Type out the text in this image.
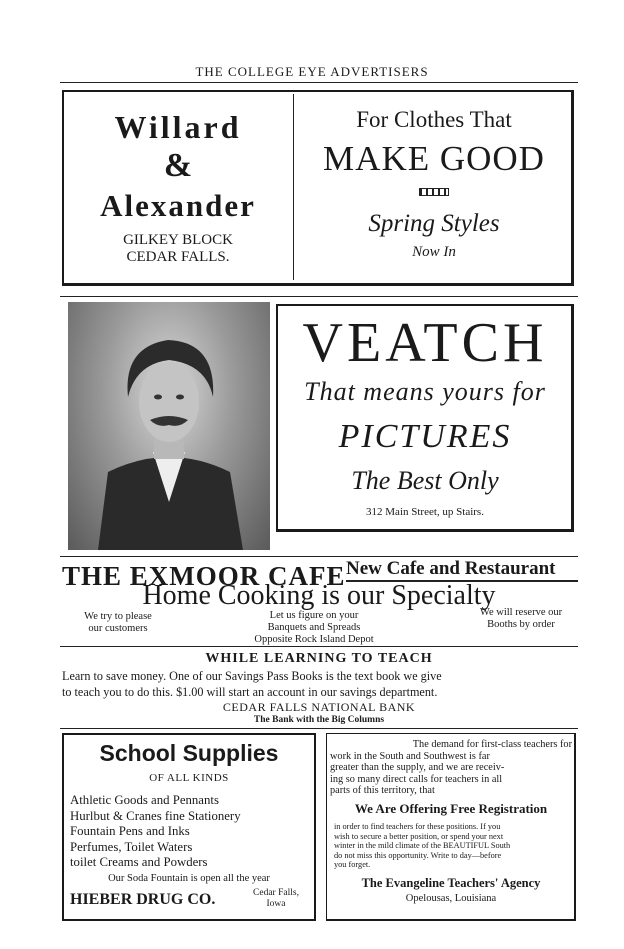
THE COLLEGE EYE ADVERTISERS
Willard
&
Alexander
GILKEY BLOCK
CEDAR FALLS.
For Clothes That
MAKE GOOD
Spring Styles
Now In
VEATCH
That means yours for
PICTURES
The Best Only
312 Main Street, up Stairs.
THE EXMOOR CAFE New Cafe and Restaurant
Home Cooking is our Specialty
We try to please
our customers
Let us figure on your
Banquets and Spreads
Opposite Rock Island Depot
We will reserve our
Booths by order
WHILE LEARNING TO TEACH
Learn to save money. One of our Savings Pass Books is the text book we give
to teach you to do this. $1.00 will start an account in our savings department.
CEDAR FALLS NATIONAL BANK
The Bank with the Big Columns
School Supplies
OF ALL KINDS
Athletic Goods and Pennants
Hurlbut & Cranes fine Stationery
Fountain Pens and Inks
Perfumes, Toilet Waters
toilet Creams and Powders
Our Soda Fountain is open all the year
HIEBER DRUG CO.	Cedar Falls,
Iowa
The demand for first-class teachers for
work in the South and Southwest is far
greater than the supply, and we are receiv-
ing so many direct calls for teachers in all
parts of this territory, that
We Are Offering Free Registration
in order to find teachers for these positions. If you
wish to secure a better position, or spend your next
winter in the mild climate of the BEAUTIFUL South
do not miss this opportunity. Write to day—before
you forget.
The Evangeline Teachers' Agency
Opelousas, Louisiana
